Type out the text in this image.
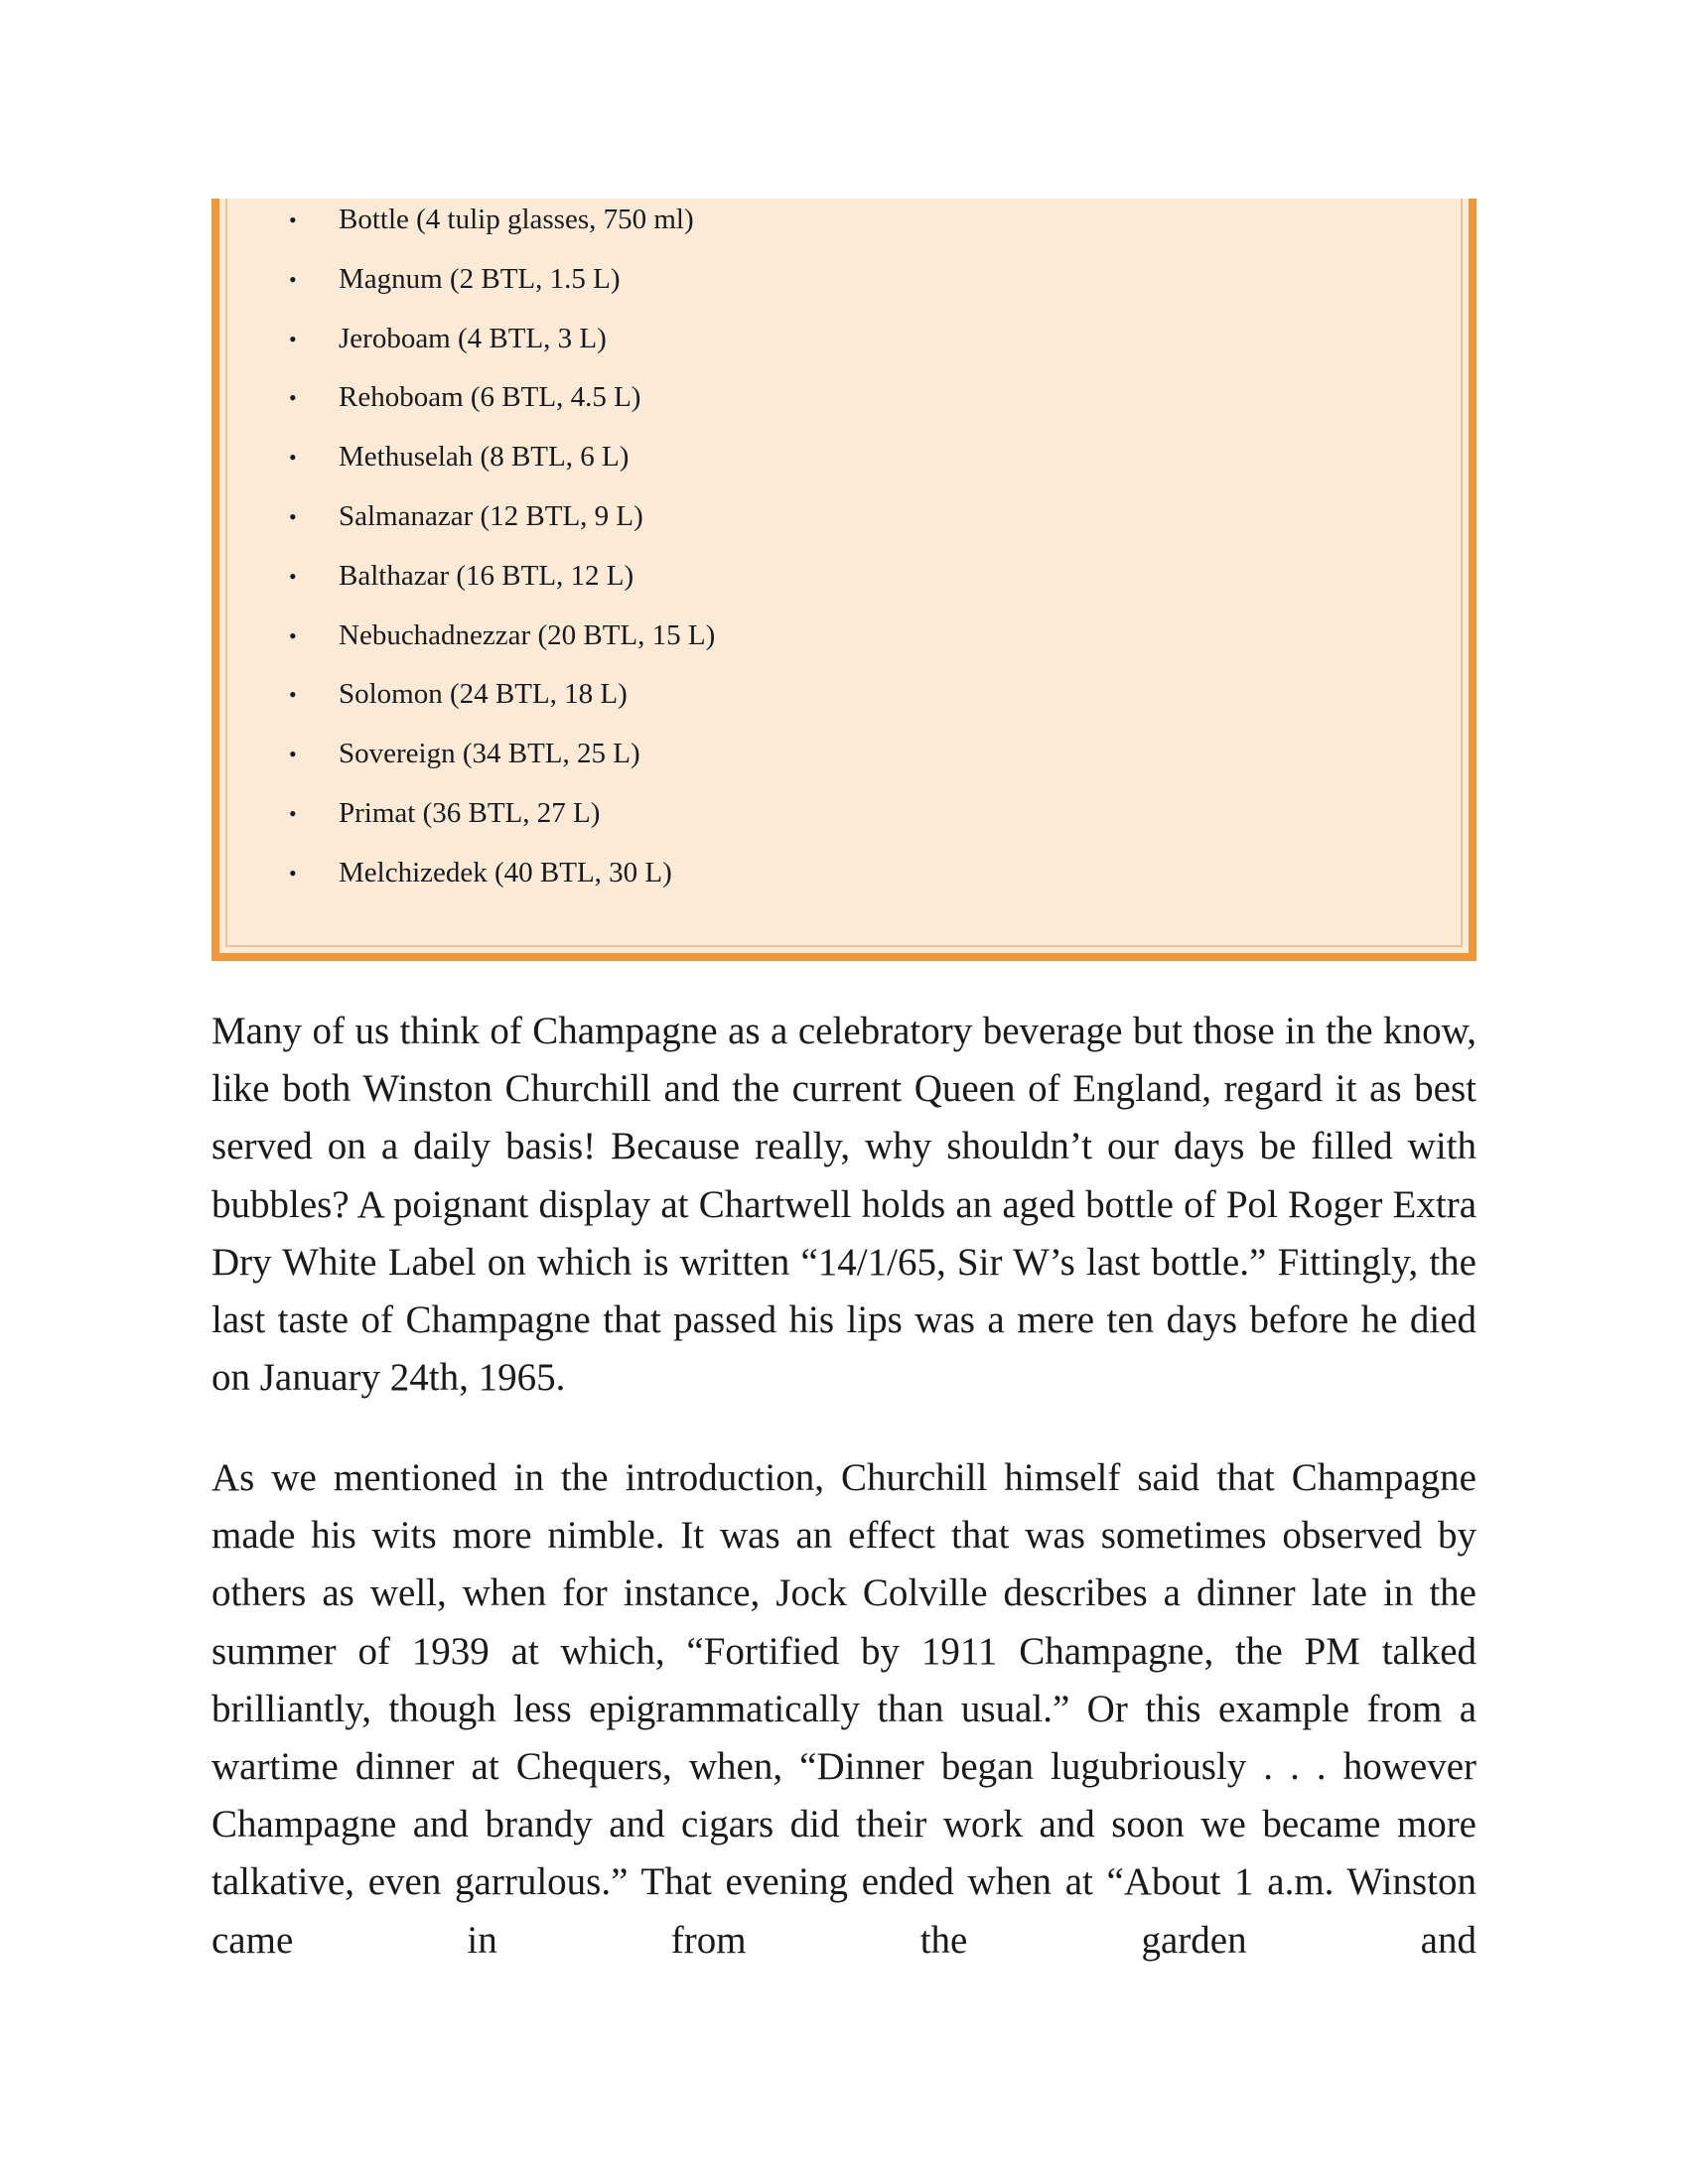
• Bottle (4 tulip glasses, 750 ml)
• Magnum (2 BTL, 1.5 L)
• Jeroboam (4 BTL, 3 L)
• Rehoboam (6 BTL, 4.5 L)
• Methuselah (8 BTL, 6 L)
• Salmanazar (12 BTL, 9 L)
• Balthazar (16 BTL, 12 L)
• Nebuchadnezzar (20 BTL, 15 L)
• Solomon (24 BTL, 18 L)
• Sovereign (34 BTL, 25 L)
• Primat (36 BTL, 27 L)
• Melchizedek (40 BTL, 30 L)

Many of us think of Champagne as a celebratory beverage but those in the know, like both Winston Churchill and the current Queen of England, regard it as best served on a daily basis! Because really, why shouldn’t our days be filled with bubbles? A poignant display at Chartwell holds an aged bottle of Pol Roger Extra Dry White Label on which is written “14/1/65, Sir W’s last bottle.” Fittingly, the last taste of Champagne that passed his lips was a mere ten days before he died on January 24th, 1965.

As we mentioned in the introduction, Churchill himself said that Champagne made his wits more nimble. It was an effect that was sometimes observed by others as well, when for instance, Jock Colville describes a dinner late in the summer of 1939 at which, “Fortified by 1911 Champagne, the PM talked brilliantly, though less epigrammatically than usual.” Or this example from a wartime dinner at Chequers, when, “Dinner began lugubriously . . . however Champagne and brandy and cigars did their work and soon we became more talkative, even garrulous.” That evening ended when at “About 1 a.m. Winston came in from the garden and
